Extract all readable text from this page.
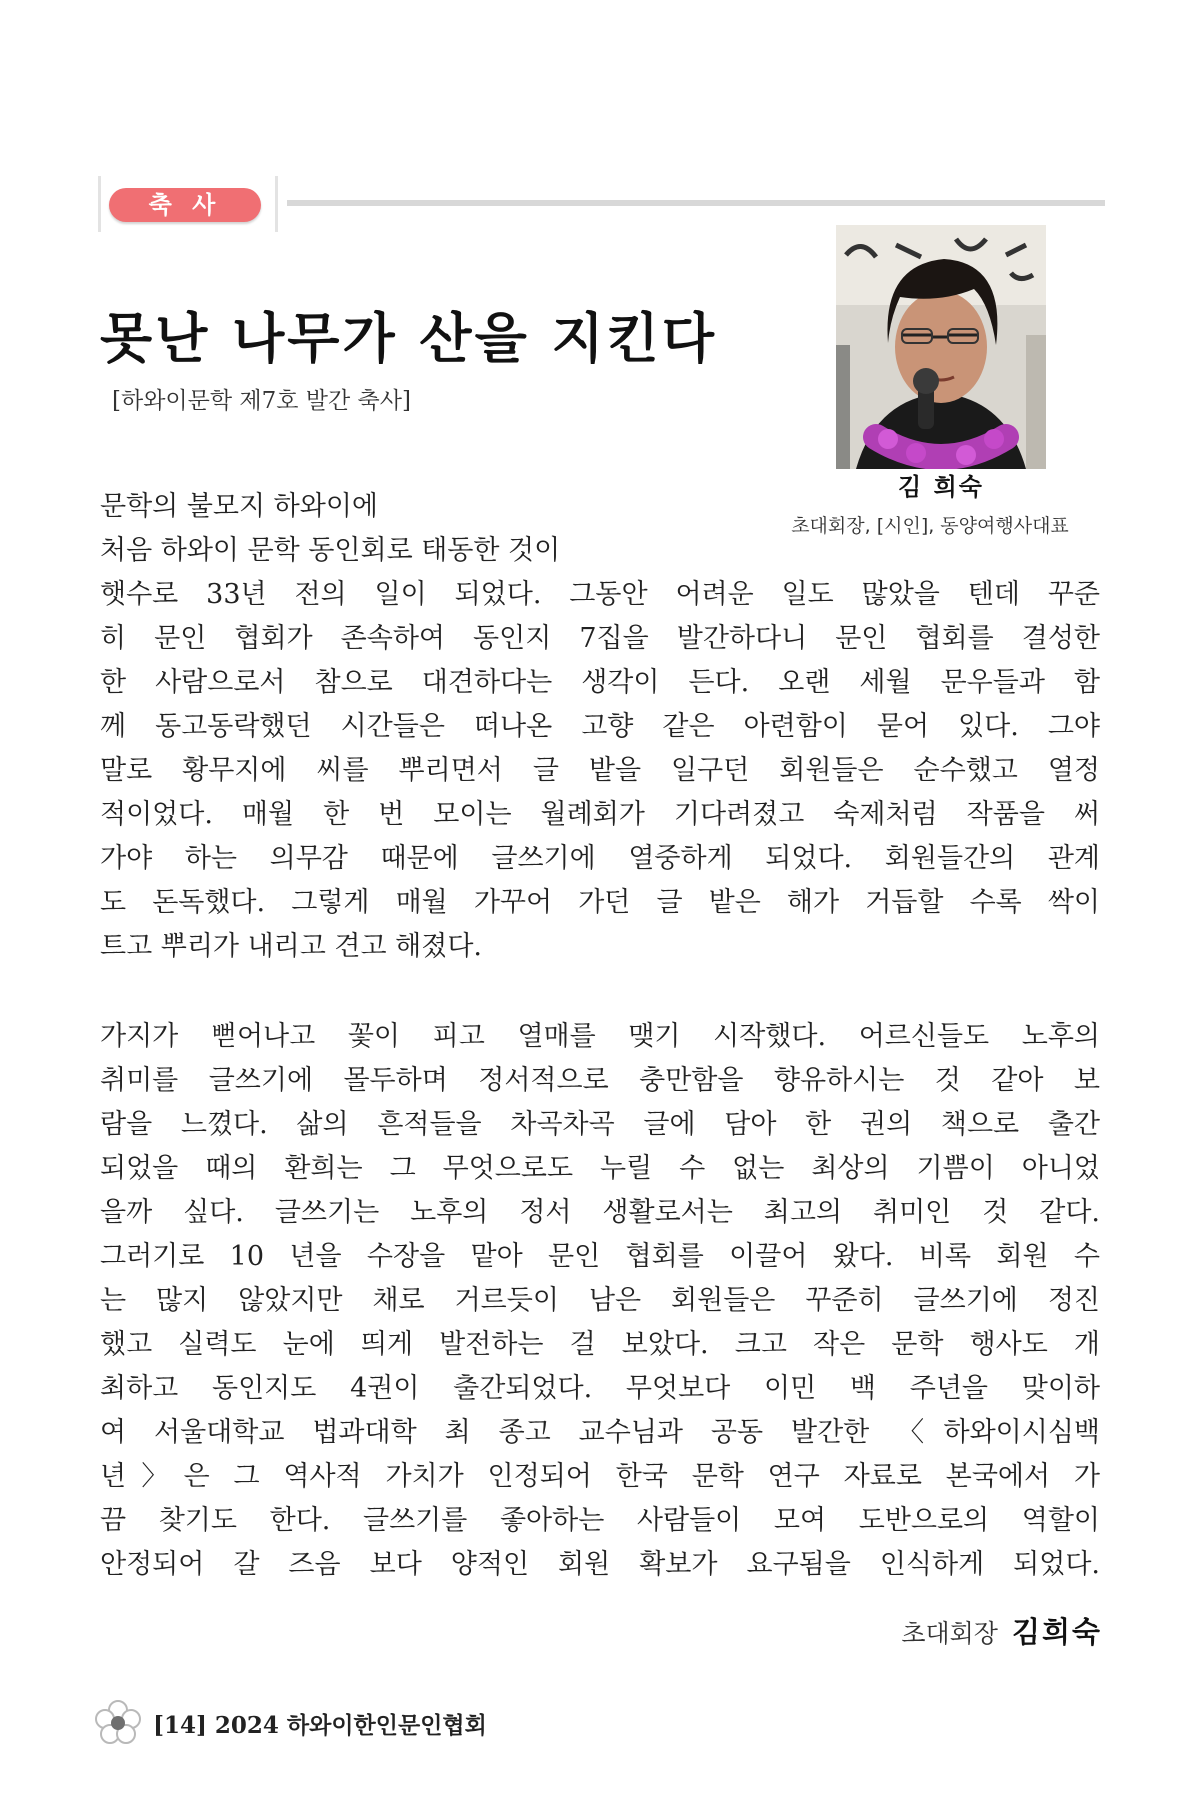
축 사
못난 나무가 산을 지킨다
[하와이문학 제7호 발간 축사]
김 희숙
초대회장, [시인], 동양여행사대표
문학의 불모지 하와이에
처음 하와이 문학 동인회로 태동한 것이
햇수로 33년 전의 일이 되었다. 그동안 어려운 일도 많았을 텐데 꾸준
히 문인 협회가 존속하여 동인지 7집을 발간하다니 문인 협회를 결성한
한 사람으로서 참으로 대견하다는 생각이 든다. 오랜 세월 문우들과 함
께 동고동락했던 시간들은 떠나온 고향 같은 아련함이 묻어 있다. 그야
말로 황무지에 씨를 뿌리면서 글 밭을 일구던 회원들은 순수했고 열정
적이었다. 매월 한 번 모이는 월례회가 기다려졌고 숙제처럼 작품을 써
가야 하는 의무감 때문에 글쓰기에 열중하게 되었다. 회원들간의 관계
도 돈독했다. 그렇게 매월 가꾸어 가던 글 밭은 해가 거듭할 수록 싹이
트고 뿌리가 내리고 견고 해졌다.
가지가 뻗어나고 꽃이 피고 열매를 맺기 시작했다. 어르신들도 노후의
취미를 글쓰기에 몰두하며 정서적으로 충만함을 향유하시는 것 같아 보
람을 느꼈다. 삶의 흔적들을 차곡차곡 글에 담아 한 권의 책으로 출간
되었을 때의 환희는 그 무엇으로도 누릴 수 없는 최상의 기쁨이 아니었
을까 싶다. 글쓰기는 노후의 정서 생활로서는 최고의 취미인 것 같다.
그러기로 10 년을 수장을 맡아 문인 협회를 이끌어 왔다. 비록 회원 수
는 많지 않았지만 채로 거르듯이 남은 회원들은 꾸준히 글쓰기에 정진
했고 실력도 눈에 띄게 발전하는 걸 보았다. 크고 작은 문학 행사도 개
최하고 동인지도 4권이 출간되었다. 무엇보다 이민 백 주년을 맞이하
여 서울대학교 법과대학 최 종고 교수님과 공동 발간한 〈하와이시심백
년〉은 그 역사적 가치가 인정되어 한국 문학 연구 자료로 본국에서 가
끔 찾기도 한다. 글쓰기를 좋아하는 사람들이 모여 도반으로의 역할이
안정되어 갈 즈음 보다 양적인 회원 확보가 요구됨을 인식하게 되었다.
초대회장 김희숙
[14] 2024 하와이한인문인협회
